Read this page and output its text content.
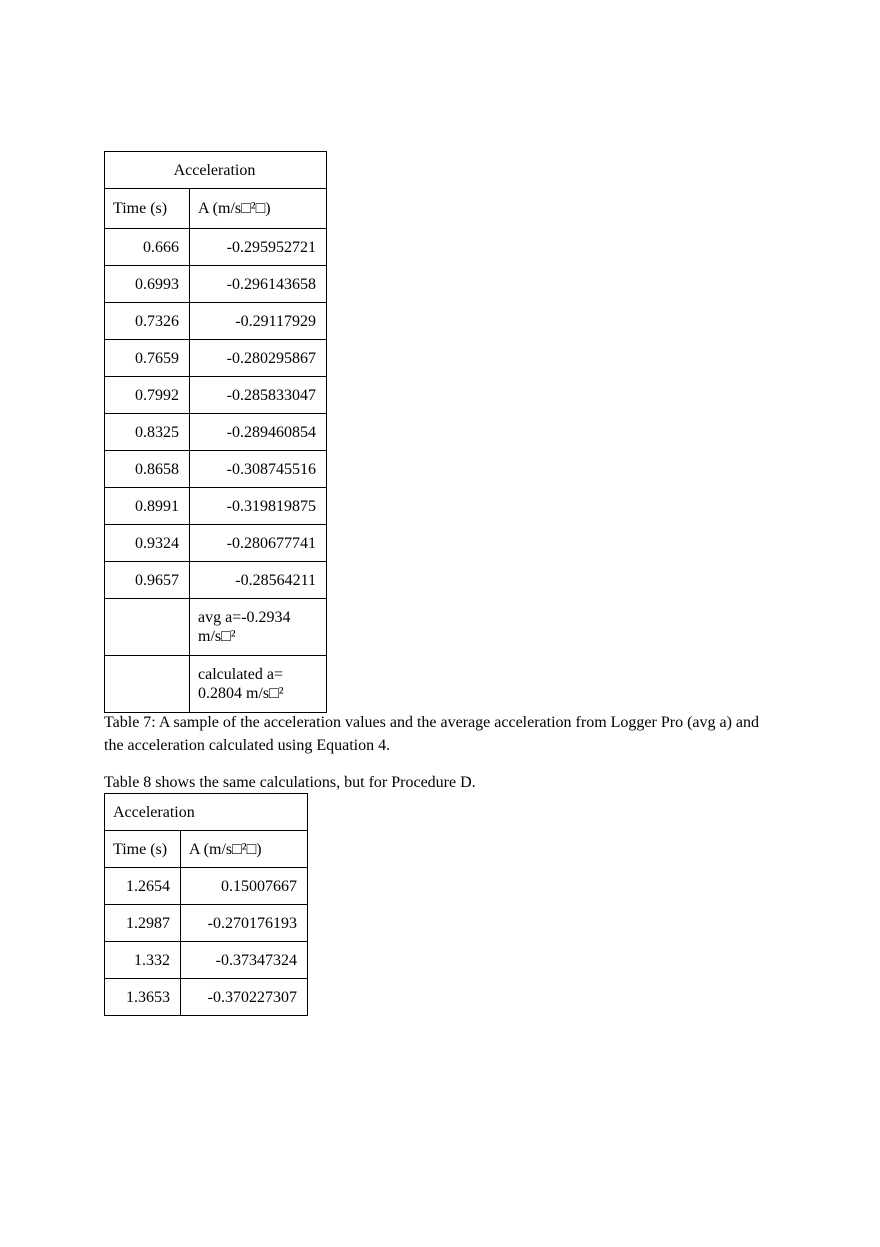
Acceleration	
Time (s)	A (m/s□²□)
0.666	-0.295952721
0.6993	-0.296143658
0.7326	-0.29117929
0.7659	-0.280295867
0.7992	-0.285833047
0.8325	-0.289460854
0.8658	-0.308745516
0.8991	-0.319819875
0.9324	-0.280677741
0.9657	-0.28564211
	avg a=-0.2934 m/s□²
	calculated a= 0.2804 m/s□²

Table 7: A sample of the acceleration values and the average acceleration from Logger Pro (avg a) and the acceleration calculated using Equation 4.

Table 8 shows the same calculations, but for Procedure D.

Acceleration	
Time (s)	A (m/s□²□)
1.2654	0.15007667
1.2987	-0.270176193
1.332	-0.37347324
1.3653	-0.370227307
